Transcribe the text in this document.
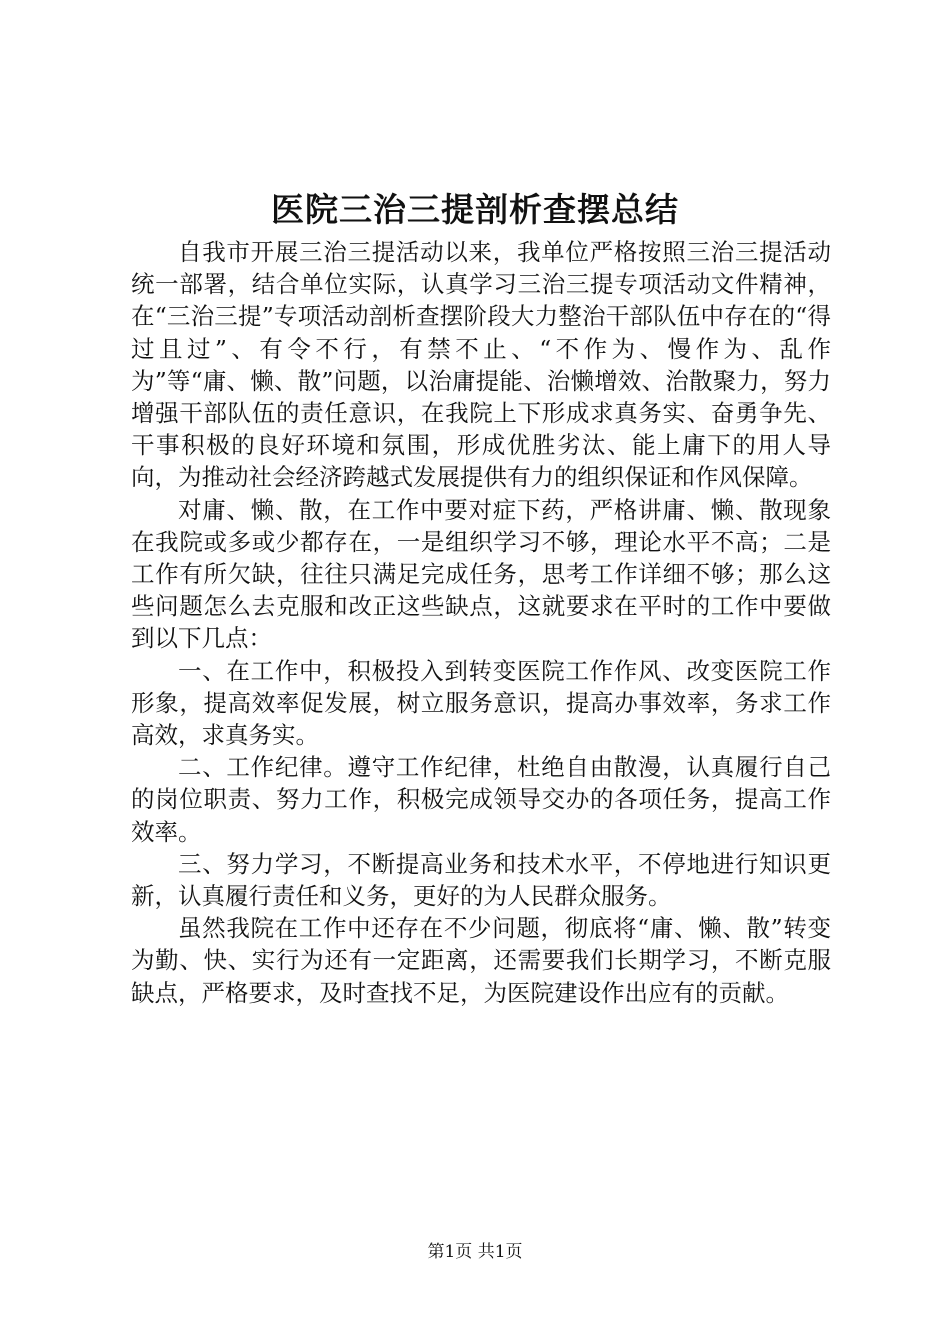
医院三治三提剖析查摆总结

自我市开展三治三提活动以来，我单位严格按照三治三提活动统一部署，结合单位实际，认真学习三治三提专项活动文件精神，在“三治三提”专项活动剖析查摆阶段大力整治干部队伍中存在的“得过且过”、有令不行，有禁不止、“不作为、慢作为、乱作为”等“庸、懒、散”问题，以治庸提能、治懒增效、治散聚力，努力增强干部队伍的责任意识，在我院上下形成求真务实、奋勇争先、干事积极的良好环境和氛围，形成优胜劣汰、能上庸下的用人导向，为推动社会经济跨越式发展提供有力的组织保证和作风保障。

对庸、懒、散，在工作中要对症下药，严格讲庸、懒、散现象在我院或多或少都存在，一是组织学习不够，理论水平不高；二是工作有所欠缺，往往只满足完成任务，思考工作详细不够；那么这些问题怎么去克服和改正这些缺点，这就要求在平时的工作中要做到以下几点：

一、在工作中，积极投入到转变医院工作作风、改变医院工作形象，提高效率促发展，树立服务意识，提高办事效率，务求工作高效，求真务实。

二、工作纪律。遵守工作纪律，杜绝自由散漫，认真履行自己的岗位职责、努力工作，积极完成领导交办的各项任务，提高工作效率。

三、努力学习，不断提高业务和技术水平，不停地进行知识更新，认真履行责任和义务，更好的为人民群众服务。

虽然我院在工作中还存在不少问题，彻底将“庸、懒、散”转变为勤、快、实行为还有一定距离，还需要我们长期学习，不断克服缺点，严格要求，及时查找不足，为医院建设作出应有的贡献。

第1页 共1页
